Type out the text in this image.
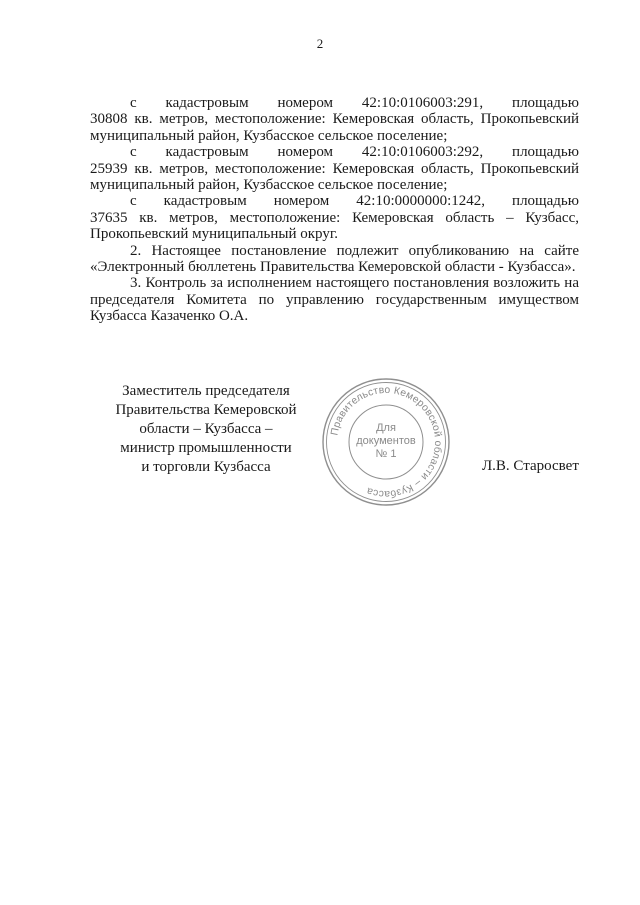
2
с кадастровым номером 42:10:0106003:291, площадью

30808 кв. метров, местоположение: Кемеровская область, Прокопьевский муниципальный район, Кузбасское сельское поселение;

с кадастровым номером 42:10:0106003:292, площадью

25939 кв. метров, местоположение: Кемеровская область, Прокопьевский муниципальный район, Кузбасское сельское поселение;

с кадастровым номером 42:10:0000000:1242, площадью

37635 кв. метров, местоположение: Кемеровская область – Кузбасс, Прокопьевский муниципальный округ.

2. Настоящее постановление подлежит опубликованию на сайте «Электронный бюллетень Правительства Кемеровской области - Кузбасса».

3. Контроль за исполнением настоящего постановления возложить на председателя Комитета по управлению государственным имуществом Кузбасса Казаченко О.А.

Заместитель председателя
Правительства Кемеровской
области – Кузбасса –
министр промышленности
и торговли Кузбасса
Правительство Кемеровской области – Кузбасса
Для
документов
№ 1
Л.В. Старосвет
